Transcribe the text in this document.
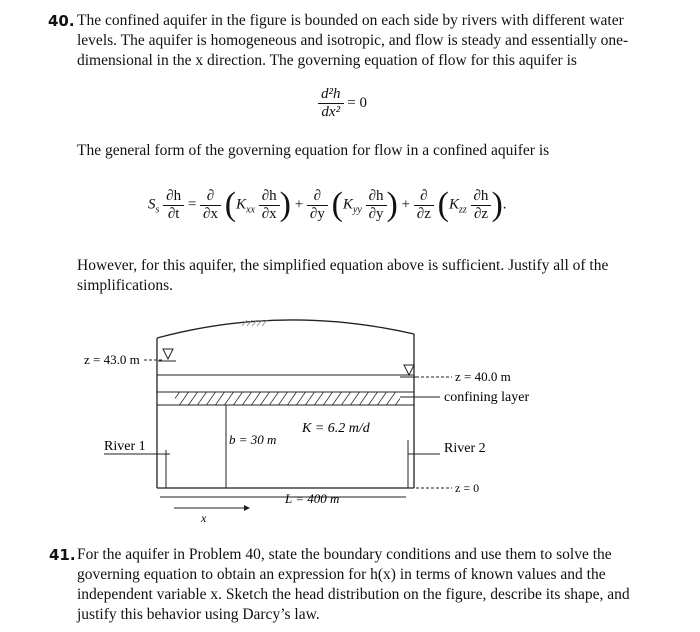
40. The confined aquifer in the figure is bounded on each side by rivers with different water
levels. The aquifer is homogeneous and isotropic, and flow is steady and essentially one-
dimensional in the x direction. The governing equation of flow for this aquifer is
$\frac{\text{d²h}}{\text{dx²}} = 0$
The general form of the governing equation for flow in a confined aquifer is
$S_s \frac{\partial h}{\partial t} = \frac{\partial}{\partial x} (K_{xx} \frac{\partial h}{\partial x}$ ) + $\frac{\partial}{\partial y} (K_{yy} \frac{\partial h}{\partial y}$ ) + $\frac{\partial}{\partial z} (K_{zz} \frac{\partial h}{\partial z}$ ).
However, for this aquifer, the simplified equation above is sufficient. Justify all of the
simplifications.
z = 43.0 m
z = 40.0 m
confining layer
K = 6.2 m/d
River 1	River 2
b = 30 m
z = 0
L = 400 m
x
41. For the aquifer in Problem 40, state the boundary conditions and use them to solve the
governing equation to obtain an expression for h(x) in terms of known values and the
independent variable x. Sketch the head distribution on the figure, describe its shape, and
justify this behavior using Darcy’s law.
